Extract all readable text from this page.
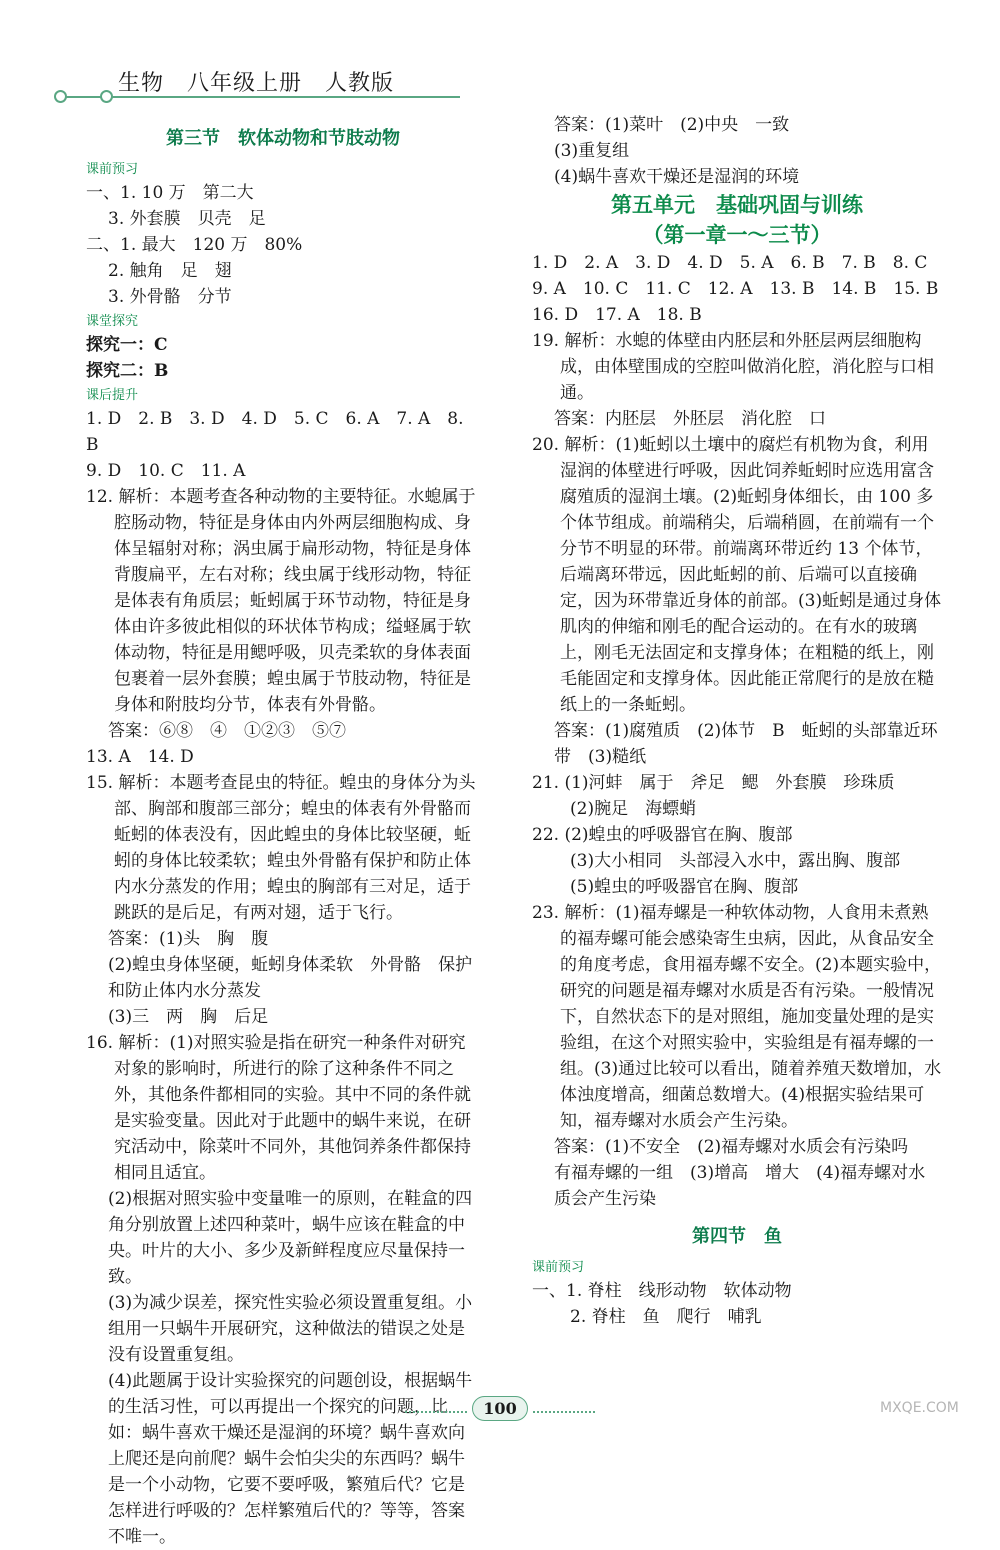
生物　八年级上册　人教版

第三节　软体动物和节肢动物

课前预习

一、1. 10 万　第二大

3. 外套膜　贝壳　足

二、1. 最大　120 万　80%

2. 触角　足　翅

3. 外骨骼　分节

课堂探究

探究一：C

探究二：B

课后提升

1. D　2. B　3. D　4. D　5. C　6. A　7. A　8. B

9. D　10. C　11. A

12. 解析：本题考查各种动物的主要特征。水螅属于腔肠动物，特征是身体由内外两层细胞构成、身体呈辐射对称；涡虫属于扁形动物，特征是身体背腹扁平，左右对称；线虫属于线形动物，特征是体表有角质层；蚯蚓属于环节动物，特征是身体由许多彼此相似的环状体节构成；缢蛏属于软体动物，特征是用鳃呼吸，贝壳柔软的身体表面包裹着一层外套膜；蝗虫属于节肢动物，特征是身体和附肢均分节，体表有外骨骼。

答案：⑥⑧　④　①②③　⑤⑦

13. A　14. D

15. 解析：本题考查昆虫的特征。蝗虫的身体分为头部、胸部和腹部三部分；蝗虫的体表有外骨骼而蚯蚓的体表没有，因此蝗虫的身体比较坚硬，蚯蚓的身体比较柔软；蝗虫外骨骼有保护和防止体内水分蒸发的作用；蝗虫的胸部有三对足，适于跳跃的是后足，有两对翅，适于飞行。

答案：(1)头　胸　腹

(2)蝗虫身体坚硬，蚯蚓身体柔软　外骨骼　保护和防止体内水分蒸发

(3)三　两　胸　后足

16. 解析：(1)对照实验是指在研究一种条件对研究对象的影响时，所进行的除了这种条件不同之外，其他条件都相同的实验。其中不同的条件就是实验变量。因此对于此题中的蜗牛来说，在研究活动中，除菜叶不同外，其他饲养条件都保持相同且适宜。

(2)根据对照实验中变量唯一的原则，在鞋盒的四角分别放置上述四种菜叶，蜗牛应该在鞋盒的中央。叶片的大小、多少及新鲜程度应尽量保持一致。

(3)为减少误差，探究性实验必须设置重复组。小组用一只蜗牛开展研究，这种做法的错误之处是没有设置重复组。

(4)此题属于设计实验探究的问题创设，根据蜗牛的生活习性，可以再提出一个探究的问题，比如：蜗牛喜欢干燥还是湿润的环境？蜗牛喜欢向上爬还是向前爬？蜗牛会怕尖尖的东西吗？蜗牛是一个小动物，它要不要呼吸，繁殖后代？它是怎样进行呼吸的？怎样繁殖后代的？等等，答案不唯一。

答案：(1)菜叶　(2)中央　一致

(3)重复组

(4)蜗牛喜欢干燥还是湿润的环境

第五单元　基础巩固与训练

（第一章一～三节）

1. D　2. A　3. D　4. D　5. A　6. B　7. B　8. C

9. A　10. C　11. C　12. A　13. B　14. B　15. B

16. D　17. A　18. B

19. 解析：水螅的体壁由内胚层和外胚层两层细胞构成，由体壁围成的空腔叫做消化腔，消化腔与口相通。

答案：内胚层　外胚层　消化腔　口

20. 解析：(1)蚯蚓以土壤中的腐烂有机物为食，利用湿润的体壁进行呼吸，因此饲养蚯蚓时应选用富含腐殖质的湿润土壤。(2)蚯蚓身体细长，由 100 多个体节组成。前端稍尖，后端稍圆，在前端有一个分节不明显的环带。前端离环带近约 13 个体节，后端离环带远，因此蚯蚓的前、后端可以直接确定，因为环带靠近身体的前部。(3)蚯蚓是通过身体肌肉的伸缩和刚毛的配合运动的。在有水的玻璃上，刚毛无法固定和支撑身体；在粗糙的纸上，刚毛能固定和支撑身体。因此能正常爬行的是放在糙纸上的一条蚯蚓。

答案：(1)腐殖质　(2)体节　B　蚯蚓的头部靠近环带　(3)糙纸

21. (1)河蚌　属于　斧足　鳃　外套膜　珍珠质

(2)腕足　海螵蛸

22. (2)蝗虫的呼吸器官在胸、腹部

(3)大小相同　头部浸入水中，露出胸、腹部

(5)蝗虫的呼吸器官在胸、腹部

23. 解析：(1)福寿螺是一种软体动物，人食用未煮熟的福寿螺可能会感染寄生虫病，因此，从食品安全的角度考虑，食用福寿螺不安全。(2)本题实验中，研究的问题是福寿螺对水质是否有污染。一般情况下，自然状态下的是对照组，施加变量处理的是实验组，在这个对照实验中，实验组是有福寿螺的一组。(3)通过比较可以看出，随着养殖天数增加，水体浊度增高，细菌总数增大。(4)根据实验结果可知，福寿螺对水质会产生污染。

答案：(1)不安全　(2)福寿螺对水质会有污染吗　有福寿螺的一组　(3)增高　增大　(4)福寿螺对水质会产生污染

第四节　鱼

课前预习

一、1. 脊柱　线形动物　软体动物

2. 脊柱　鱼　爬行　哺乳

100	MXQE.COM
